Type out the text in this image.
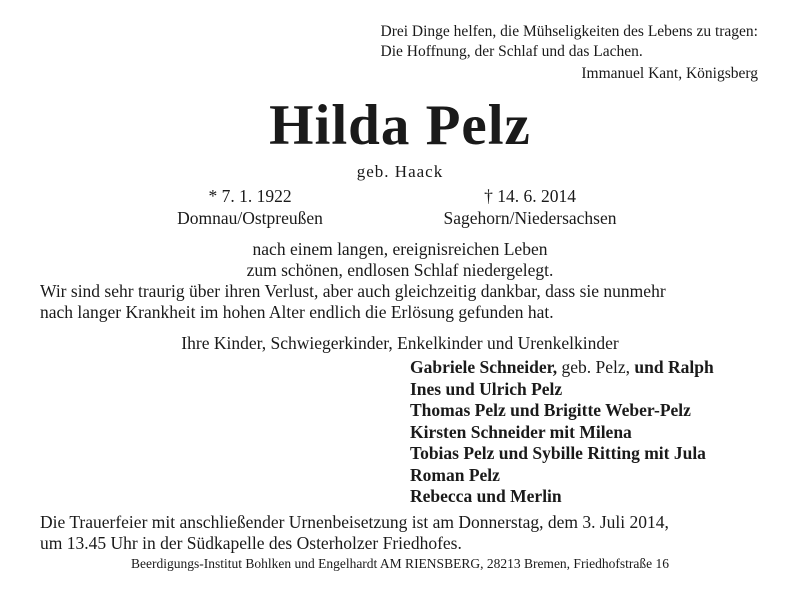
Drei Dinge helfen, die Mühseligkeiten des Lebens zu tragen:
Die Hoffnung, der Schlaf und das Lachen.
Immanuel Kant, Königsberg
Hilda Pelz
geb. Haack
* 7. 1. 1922
Domnau/Ostpreußen
† 14. 6. 2014
Sagehorn/Niedersachsen
nach einem langen, ereignisreichen Leben
zum schönen, endlosen Schlaf niedergelegt.
Wir sind sehr traurig über ihren Verlust, aber auch gleichzeitig dankbar, dass sie nunmehr
nach langer Krankheit im hohen Alter endlich die Erlösung gefunden hat.
Ihre Kinder, Schwiegerkinder, Enkelkinder und Urenkelkinder
Gabriele Schneider, geb. Pelz, und Ralph
Ines und Ulrich Pelz
Thomas Pelz und Brigitte Weber-Pelz
Kirsten Schneider mit Milena
Tobias Pelz und Sybille Ritting mit Jula
Roman Pelz
Rebecca und Merlin
Die Trauerfeier mit anschließender Urnenbeisetzung ist am Donnerstag, dem 3. Juli 2014,
um 13.45 Uhr in der Südkapelle des Osterholzer Friedhofes.
Beerdigungs-Institut Bohlken und Engelhardt AM RIENSBERG, 28213 Bremen, Friedhofstraße 16
